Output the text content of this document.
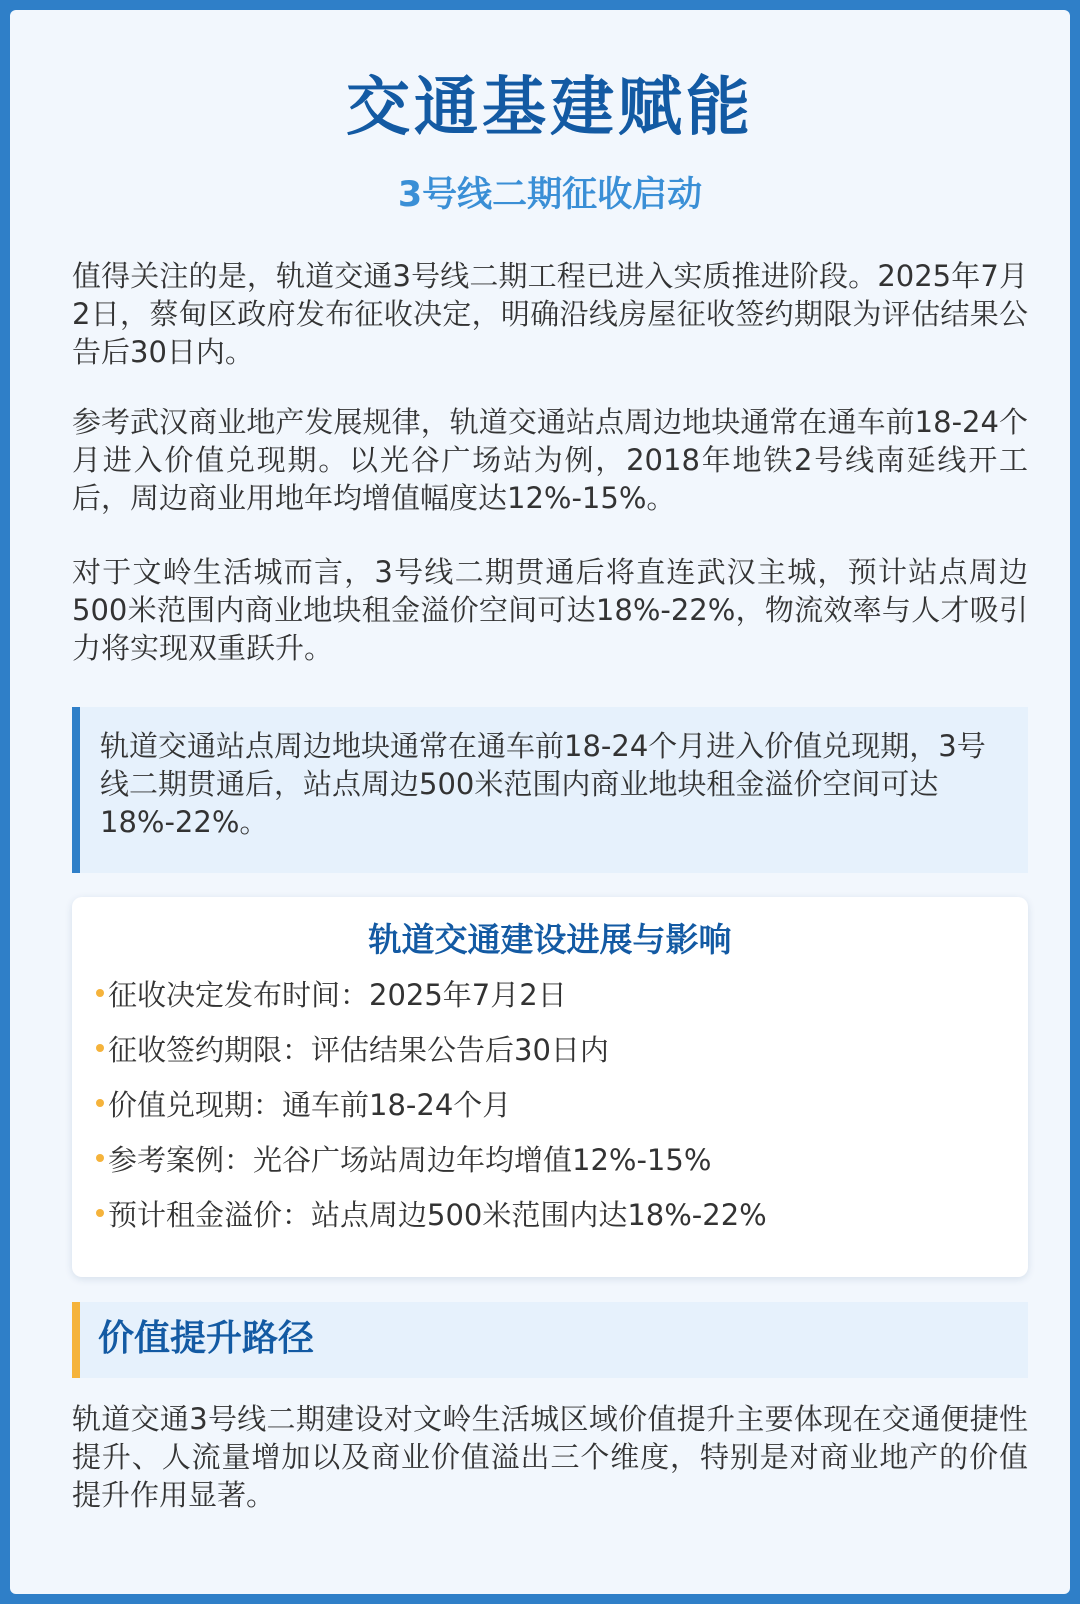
交通基建赋能
3号线二期征收启动

值得关注的是，轨道交通3号线二期工程已进入实质推进阶段。2025年7月2日，蔡甸区政府发布征收决定，明确沿线房屋征收签约期限为评估结果公告后30日内。

参考武汉商业地产发展规律，轨道交通站点周边地块通常在通车前18-24个月进入价值兑现期。以光谷广场站为例，2018年地铁2号线南延线开工后，周边商业用地年均增值幅度达12%-15%。

对于文岭生活城而言，3号线二期贯通后将直连武汉主城，预计站点周边500米范围内商业地块租金溢价空间可达18%-22%，物流效率与人才吸引力将实现双重跃升。

轨道交通站点周边地块通常在通车前18-24个月进入价值兑现期，3号线二期贯通后，站点周边500米范围内商业地块租金溢价空间可达18%-22%。

轨道交通建设进展与影响
征收决定发布时间：2025年7月2日
征收签约期限：评估结果公告后30日内
价值兑现期：通车前18-24个月
参考案例：光谷广场站周边年均增值12%-15%
预计租金溢价：站点周边500米范围内达18%-22%
价值提升路径

轨道交通3号线二期建设对文岭生活城区域价值提升主要体现在交通便捷性提升、人流量增加以及商业价值溢出三个维度，特别是对商业地产的价值提升作用显著。
